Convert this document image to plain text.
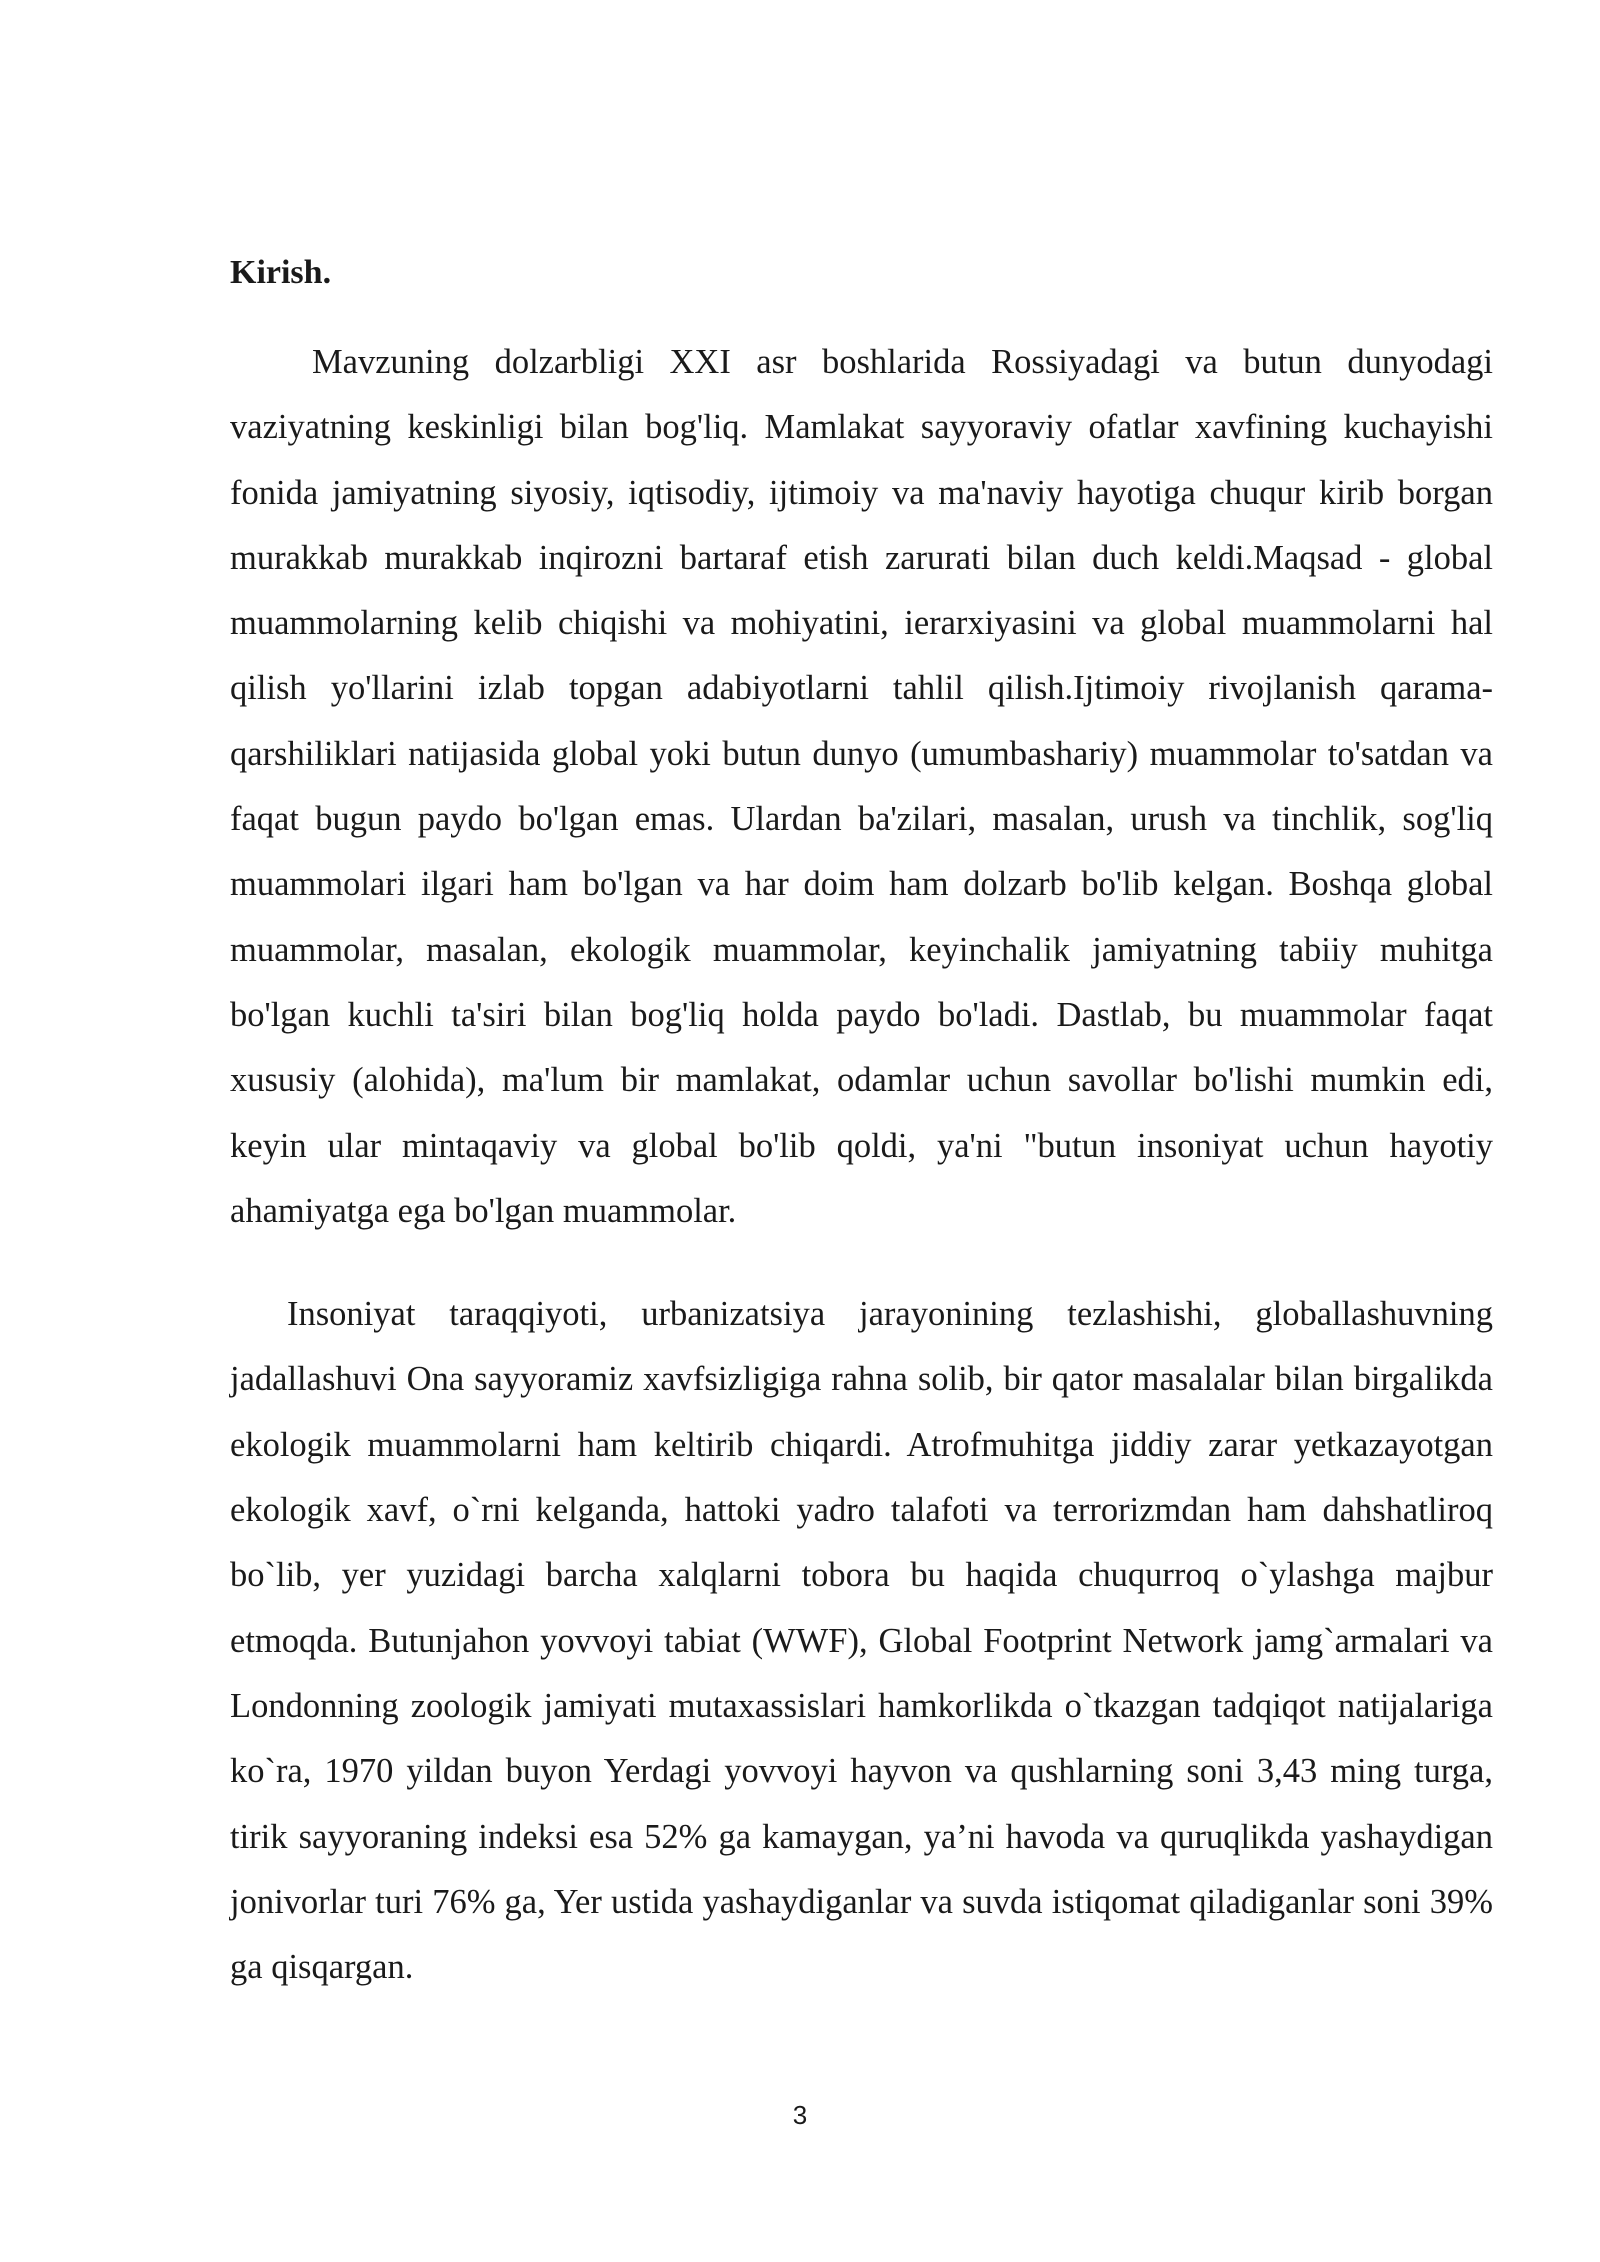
Kirish.

Mavzuning dolzarbligi XXI asr boshlarida Rossiyadagi va butun dunyodagi vaziyatning keskinligi bilan bog'liq. Mamlakat sayyoraviy ofatlar xavfining kuchayishi fonida jamiyatning siyosiy, iqtisodiy, ijtimoiy va ma'naviy hayotiga chuqur kirib borgan murakkab murakkab inqirozni bartaraf etish zarurati bilan duch keldi.Maqsad - global muammolarning kelib chiqishi va mohiyatini, ierarxiyasini va global muammolarni hal qilish yo'llarini izlab topgan adabiyotlarni tahlil qilish.Ijtimoiy rivojlanish qarama-qarshiliklari natijasida global yoki butun dunyo (umumbashariy) muammolar to'satdan va faqat bugun paydo bo'lgan emas. Ulardan ba'zilari, masalan, urush va tinchlik, sog'liq muammolari ilgari ham bo'lgan va har doim ham dolzarb bo'lib kelgan. Boshqa global muammolar, masalan, ekologik muammolar, keyinchalik jamiyatning tabiiy muhitga bo'lgan kuchli ta'siri bilan bog'liq holda paydo bo'ladi. Dastlab, bu muammolar faqat xususiy (alohida), ma'lum bir mamlakat, odamlar uchun savollar bo'lishi mumkin edi, keyin ular mintaqaviy va global bo'lib qoldi, ya'ni "butun insoniyat uchun hayotiy ahamiyatga ega bo'lgan muammolar.

Insoniyat taraqqiyoti, urbanizatsiya jarayonining tezlashishi, globallashuvning jadallashuvi Ona sayyoramiz xavfsizligiga rahna solib, bir qator masalalar bilan birgalikda ekologik muammolarni ham keltirib chiqardi. Atrofmuhitga jiddiy zarar yetkazayotgan ekologik xavf, o`rni kelganda, hattoki yadro talafoti va terrorizmdan ham dahshatliroq bo`lib, yer yuzidagi barcha xalqlarni tobora bu haqida chuqurroq o`ylashga majbur etmoqda. Butunjahon yovvoyi tabiat (WWF), Global Footprint Network jamg`armalari va Londonning zoologik jamiyati mutaxassislari hamkorlikda o`tkazgan tadqiqot natijalariga ko`ra, 1970 yildan buyon Yerdagi yovvoyi hayvon va qushlarning soni 3,43 ming turga, tirik sayyoraning indeksi esa 52% ga kamaygan, ya’ni havoda va quruqlikda yashaydigan jonivorlar turi 76% ga, Yer ustida yashaydiganlar va suvda istiqomat qiladiganlar soni 39% ga qisqargan.

3
